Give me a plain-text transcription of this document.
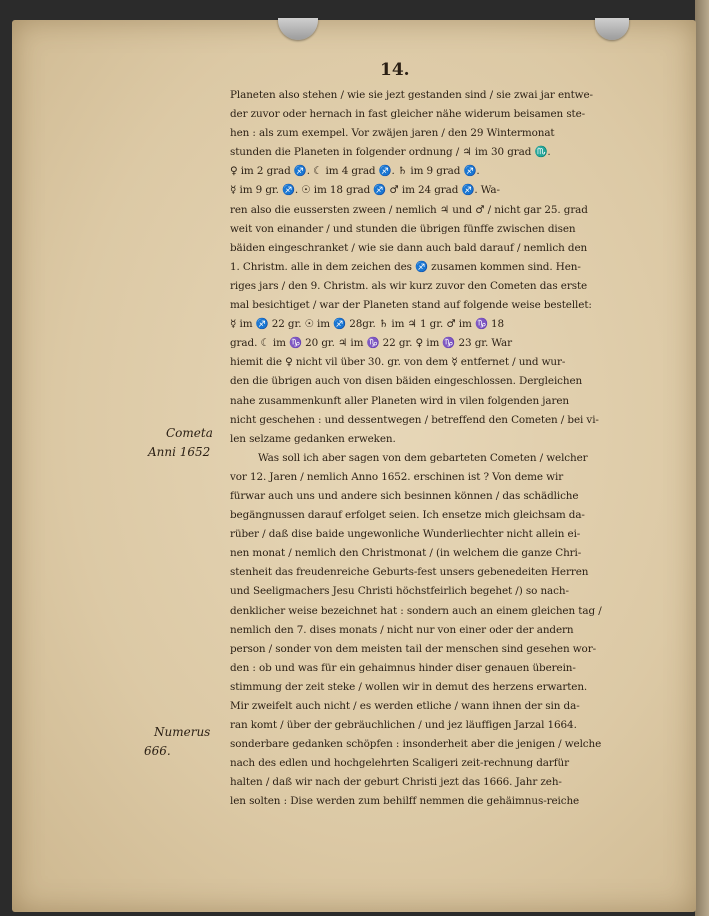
14.

Cometa

Anni 1652

Numerus

666.

Planeten also stehen / wie sie jezt gestanden sind / sie zwai jar entwe-
der zuvor oder hernach in fast gleicher nähe widerum beisamen ste-
hen : als zum exempel. Vor zwäjen jaren / den 29 Wintermonat
stunden die Planeten in folgender ordnung / ♃ im 30 grad ♏.
♀ im 2 grad ♐. ☾ im 4 grad ♐. ♄ im 9 grad ♐.
☿ im 9 gr. ♐. ☉ im 18 grad ♐ ♂ im 24 grad ♐. Wa-
ren also die eussersten zween / nemlich ♃ und ♂ / nicht gar 25. grad
weit von einander / und stunden die übrigen fünffe zwischen disen
bäiden eingeschranket / wie sie dann auch bald darauf / nemlich den
1. Christm. alle in dem zeichen des ♐ zusamen kommen sind. Hen-
riges jars / den 9. Christm. als wir kurz zuvor den Cometen das erste
mal besichtiget / war der Planeten stand auf folgende weise bestellet:
☿ im ♐ 22 gr. ☉ im ♐ 28gr. ♄ im ♃ 1 gr. ♂ im ♑ 18
grad. ☾ im ♑ 20 gr. ♃ im ♑ 22 gr. ♀ im ♑ 23 gr. War
hiemit die ♀ nicht vil über 30. gr. von dem ☿ entfernet / und wur-
den die übrigen auch von disen bäiden eingeschlossen. Dergleichen
nahe zusammenkunft aller Planeten wird in vilen folgenden jaren
nicht geschehen : und dessentwegen / betreffend den Cometen / bei vi-
len selzame gedanken erweken.
Was soll ich aber sagen von dem gebarteten Cometen / welcher
vor 12. Jaren / nemlich Anno 1652. erschinen ist ? Von deme wir
fürwar auch uns und andere sich besinnen können / das schädliche
begängnussen darauf erfolget seien. Ich ensetze mich gleichsam da-
rüber / daß dise baide ungewonliche Wunderliechter nicht allein ei-
nen monat / nemlich den Christmonat / (in welchem die ganze Chri-
stenheit das freudenreiche Geburts-fest unsers gebenedeiten Herren
und Seeligmachers Jesu Christi höchstfeirlich begehet /) so nach-
denklicher weise bezeichnet hat : sondern auch an einem gleichen tag /
nemlich den 7. dises monats / nicht nur von einer oder der andern
person / sonder von dem meisten tail der menschen sind gesehen wor-
den : ob und was für ein gehaimnus hinder diser genauen überein-
stimmung der zeit steke / wollen wir in demut des herzens erwarten.
Mir zweifelt auch nicht / es werden etliche / wann ihnen der sin da-
ran komt / über der gebräuchlichen / und jez läuffigen Jarzal 1664.
sonderbare gedanken schöpfen : insonderheit aber die jenigen / welche
nach des edlen und hochgelehrten Scaligeri zeit-rechnung darfür
halten / daß wir nach der geburt Christi jezt das 1666. Jahr zeh-
len solten : Dise werden zum behilff nemmen die gehäimnus-reiche
